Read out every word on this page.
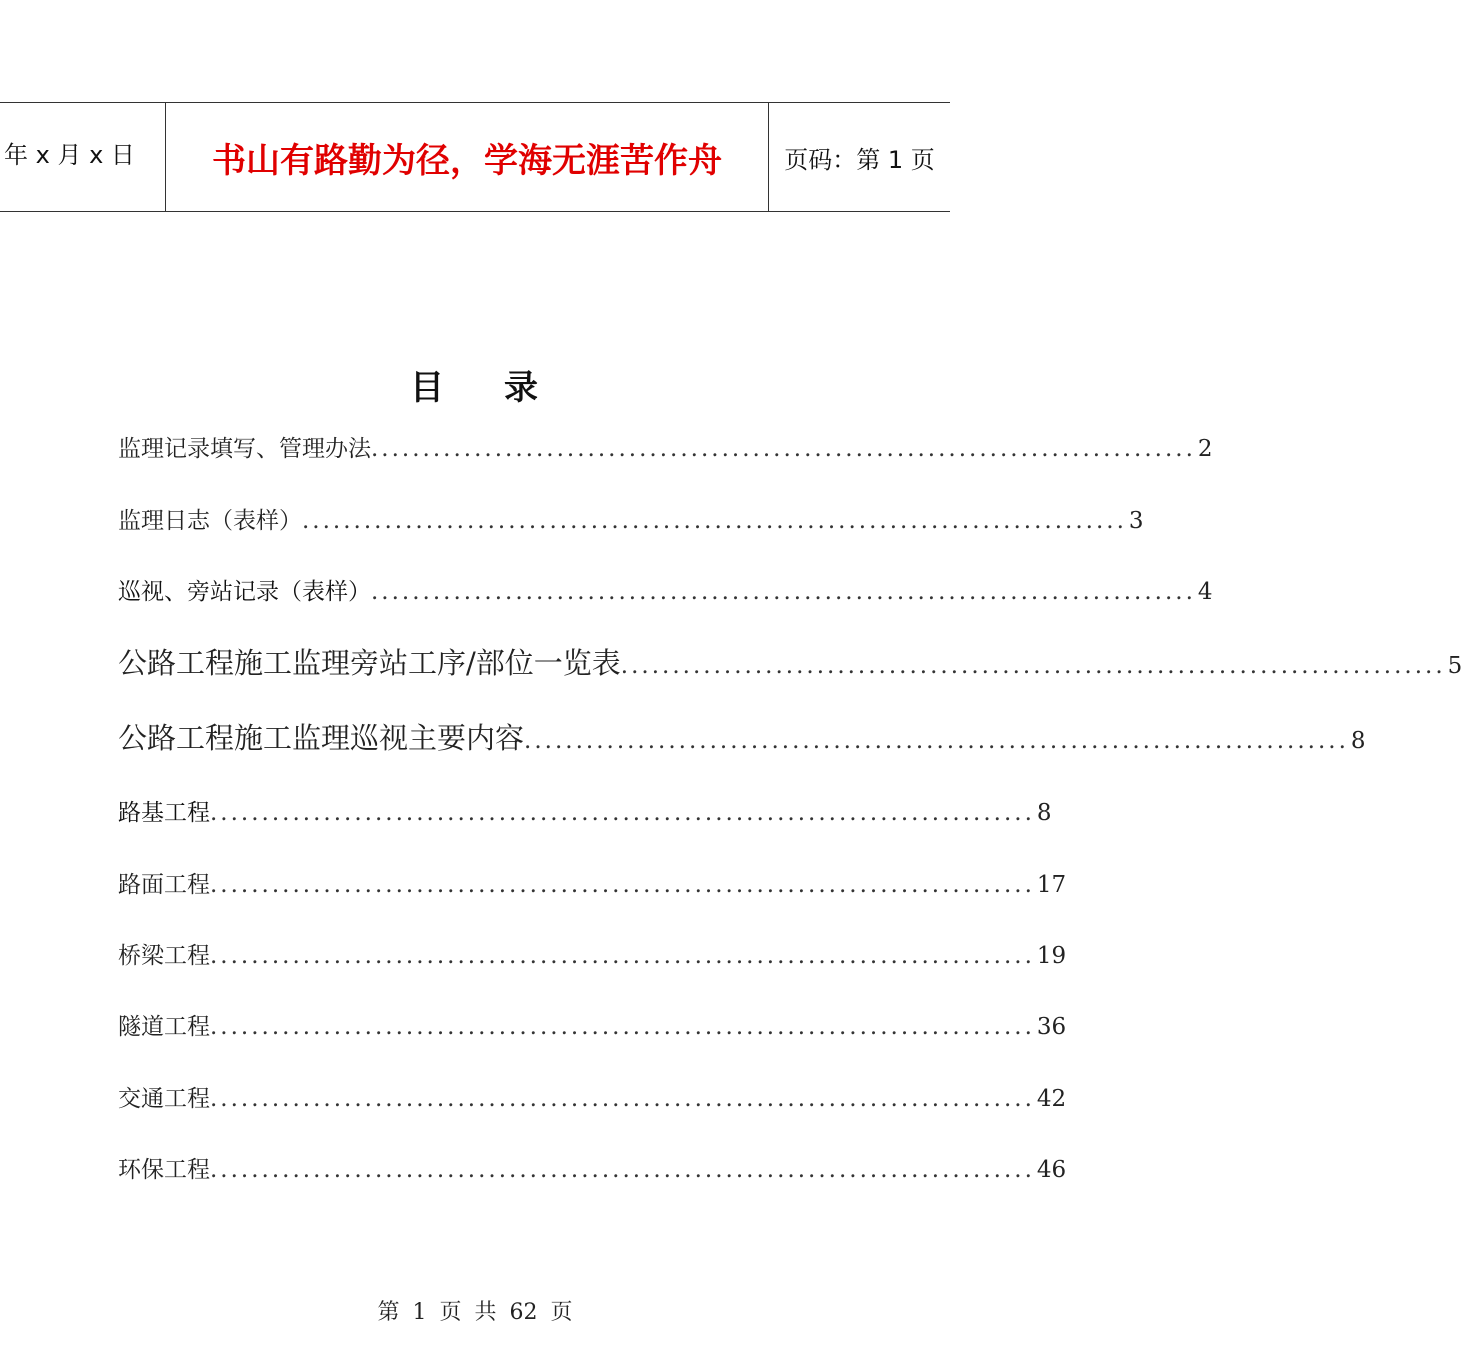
年 x 月 x 日	书山有路勤为径，学海无涯苦作舟	页码：第 1 页
目 录
监理记录填写、管理办法 ................................................................................ 2
监理日志（表样） ................................................................................ 3
巡视、旁站记录（表样） ................................................................................ 4
公路工程施工监理旁站工序/部位一览表 ................................................................................ 5
公路工程施工监理巡视主要内容 ................................................................................ 8
路基工程 ................................................................................ 8
路面工程 ................................................................................ 17
桥梁工程 ................................................................................ 19
隧道工程 ................................................................................ 36
交通工程 ................................................................................ 42
环保工程 ................................................................................ 46
第 1 页 共 62 页
